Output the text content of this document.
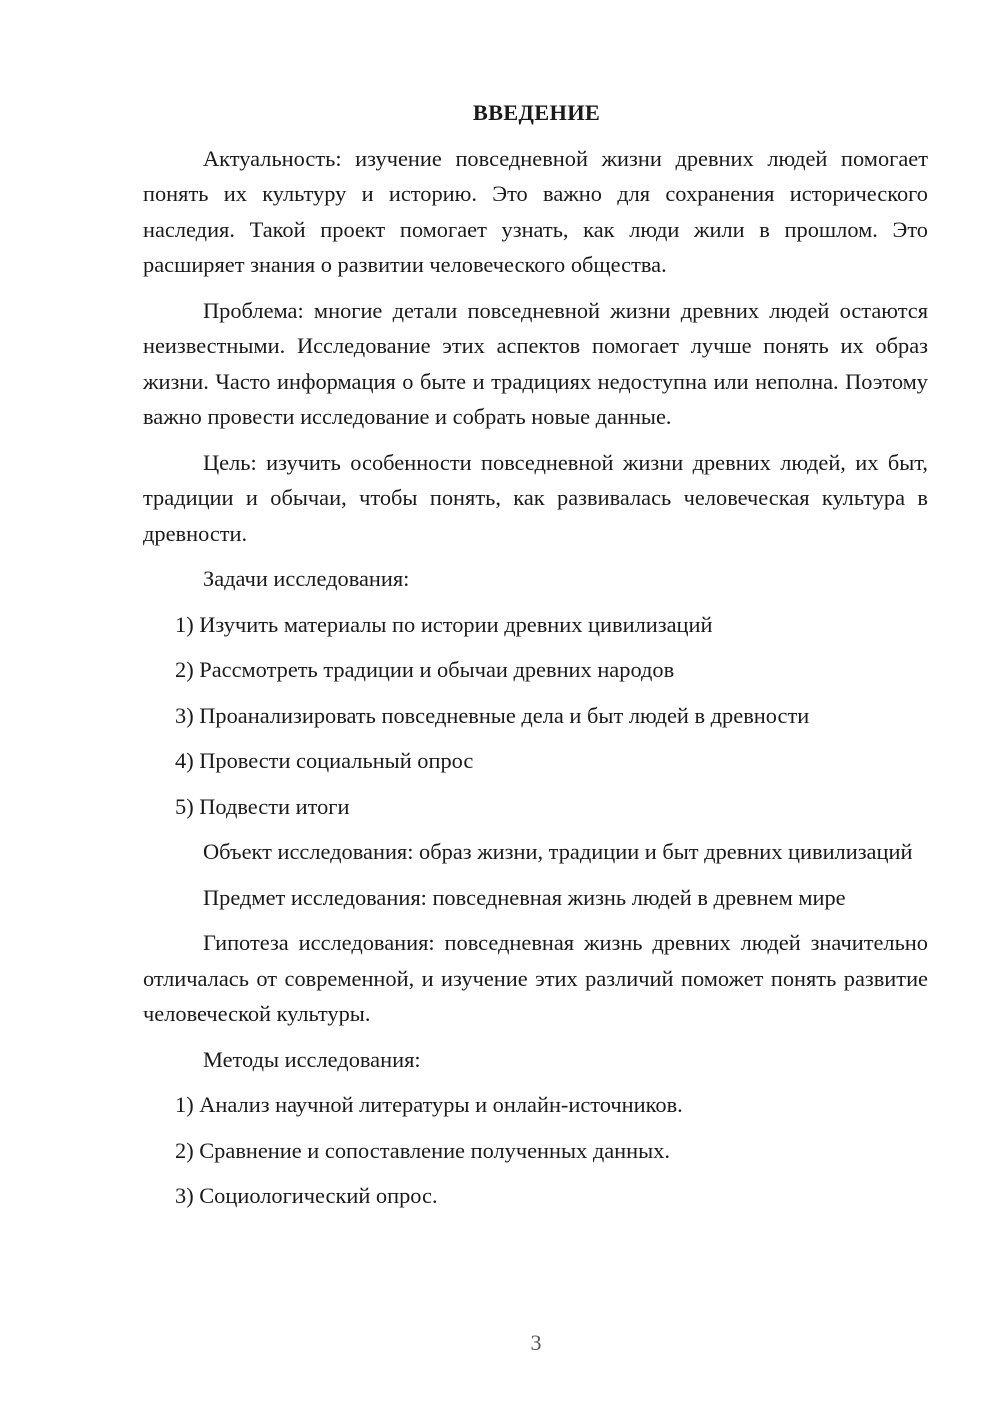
ВВЕДЕНИЕ
Актуальность: изучение повседневной жизни древних людей помогает понять их культуру и историю. Это важно для сохранения исторического наследия. Такой проект помогает узнать, как люди жили в прошлом. Это расширяет знания о развитии человеческого общества.
Проблема: многие детали повседневной жизни древних людей остаются неизвестными. Исследование этих аспектов помогает лучше понять их образ жизни. Часто информация о быте и традициях недоступна или неполна. Поэтому важно провести исследование и собрать новые данные.
Цель: изучить особенности повседневной жизни древних людей, их быт, традиции и обычаи, чтобы понять, как развивалась человеческая культура в древности.
Задачи исследования:
1) Изучить материалы по истории древних цивилизаций
2) Рассмотреть традиции и обычаи древних народов
3) Проанализировать повседневные дела и быт людей в древности
4) Провести социальный опрос
5) Подвести итоги
Объект исследования: образ жизни, традиции и быт древних цивилизаций
Предмет исследования: повседневная жизнь людей в древнем мире
Гипотеза исследования: повседневная жизнь древних людей значительно отличалась от современной, и изучение этих различий поможет понять развитие человеческой культуры.
Методы исследования:
1) Анализ научной литературы и онлайн-источников.
2) Сравнение и сопоставление полученных данных.
3) Социологический опрос.
3
